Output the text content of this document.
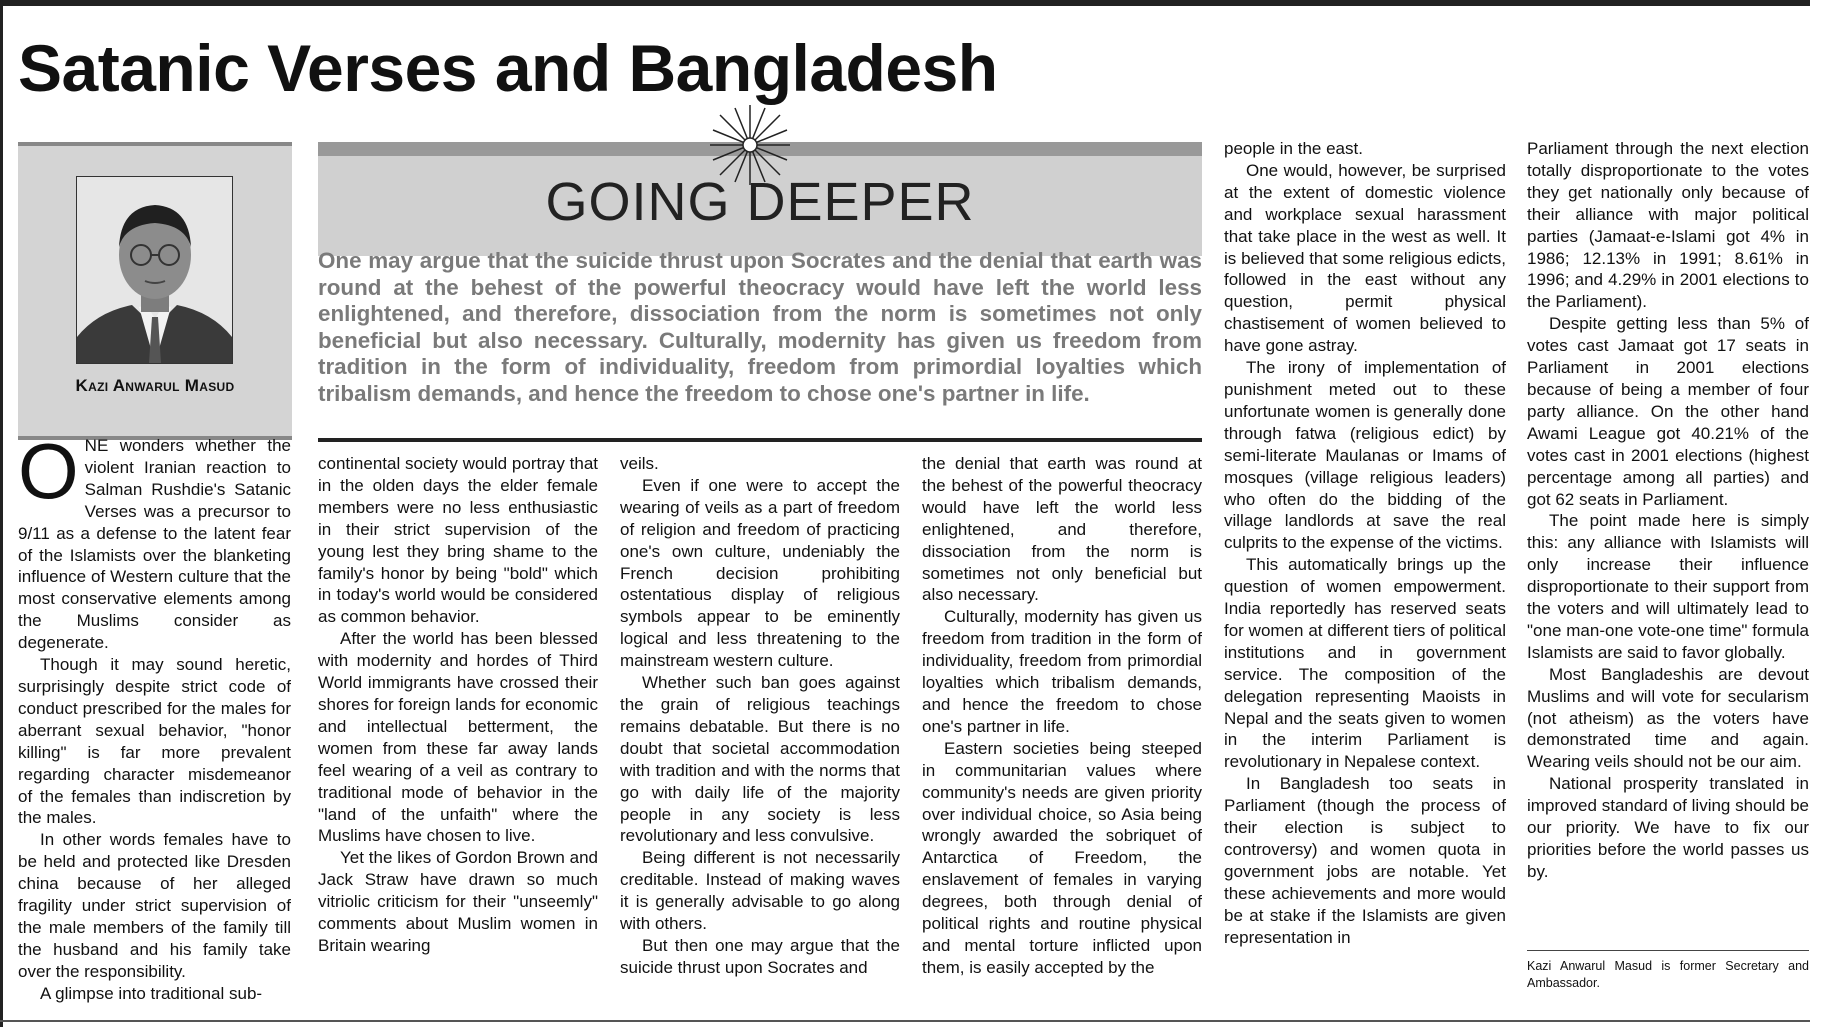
Satanic Verses and Bangladesh
Kazi Anwarul Masud
GOING DEEPER

One may argue that the suicide thrust upon Socrates and the denial that earth was round at the behest of the powerful theocracy would have left the world less enlightened, and therefore, dissociation from the norm is sometimes not only beneficial but also necessary. Culturally, modernity has given us freedom from tradition in the form of individuality, freedom from primordial loyalties which tribalism demands, and hence the freedom to chose one's partner in life.

ONE wonders whether the violent Iranian reaction to Salman Rushdie's Satanic Verses was a precursor to 9/11 as a defense to the latent fear of the Islamists over the blanketing influence of Western culture that the most conservative elements among the Muslims consider as degenerate.

Though it may sound heretic, surprisingly despite strict code of conduct prescribed for the males for aberrant sexual behavior, "honor killing" is far more prevalent regarding character misdemeanor of the females than indiscretion by the males.

In other words females have to be held and protected like Dresden china because of her alleged fragility under strict supervision of the male members of the family till the husband and his family take over the responsibility.

A glimpse into traditional sub-

continental society would portray that in the olden days the elder female members were no less enthusiastic in their strict supervision of the young lest they bring shame to the family's honor by being "bold" which in today's world would be considered as common behavior.

After the world has been blessed with modernity and hordes of Third World immigrants have crossed their shores for foreign lands for economic and intellectual betterment, the women from these far away lands feel wearing of a veil as contrary to traditional mode of behavior in the "land of the unfaith" where the Muslims have chosen to live.

Yet the likes of Gordon Brown and Jack Straw have drawn so much vitriolic criticism for their "unseemly" comments about Muslim women in Britain wearing

veils.

Even if one were to accept the wearing of veils as a part of freedom of religion and freedom of practicing one's own culture, undeniably the French decision prohibiting ostentatious display of religious symbols appear to be eminently logical and less threatening to the mainstream western culture.

Whether such ban goes against the grain of religious teachings remains debatable. But there is no doubt that societal accommodation with tradition and with the norms that go with daily life of the majority people in any society is less revolutionary and less convulsive.

Being different is not necessarily creditable. Instead of making waves it is generally advisable to go along with others.

But then one may argue that the suicide thrust upon Socrates and

the denial that earth was round at the behest of the powerful theocracy would have left the world less enlightened, and therefore, dissociation from the norm is sometimes not only beneficial but also necessary.

Culturally, modernity has given us freedom from tradition in the form of individuality, freedom from primordial loyalties which tribalism demands, and hence the freedom to chose one's partner in life.

Eastern societies being steeped in communitarian values where community's needs are given priority over individual choice, so Asia being wrongly awarded the sobriquet of Antarctica of Freedom, the enslavement of females in varying degrees, both through denial of political rights and routine physical and mental torture inflicted upon them, is easily accepted by the

people in the east.

One would, however, be surprised at the extent of domestic violence and workplace sexual harassment that take place in the west as well. It is believed that some religious edicts, followed in the east without any question, permit physical chastisement of women believed to have gone astray.

The irony of implementation of punishment meted out to these unfortunate women is generally done through fatwa (religious edict) by semi-literate Maulanas or Imams of mosques (village religious leaders) who often do the bidding of the village landlords at save the real culprits to the expense of the victims.

This automatically brings up the question of women empowerment. India reportedly has reserved seats for women at different tiers of political institutions and in government service. The composition of the delegation representing Maoists in Nepal and the seats given to women in the interim Parliament is revolutionary in Nepalese context.

In Bangladesh too seats in Parliament (though the process of their election is subject to controversy) and women quota in government jobs are notable. Yet these achievements and more would be at stake if the Islamists are given representation in

Parliament through the next election totally disproportionate to the votes they get nationally only because of their alliance with major political parties (Jamaat-e-Islami got 4% in 1986; 12.13% in 1991; 8.61% in 1996; and 4.29% in 2001 elections to the Parliament).

Despite getting less than 5% of votes cast Jamaat got 17 seats in Parliament in 2001 elections because of being a member of four party alliance. On the other hand Awami League got 40.21% of the votes cast in 2001 elections (highest percentage among all parties) and got 62 seats in Parliament.

The point made here is simply this: any alliance with Islamists will only increase their influence disproportionate to their support from the voters and will ultimately lead to "one man-one vote-one time" formula Islamists are said to favor globally.

Most Bangladeshis are devout Muslims and will vote for secularism (not atheism) as the voters have demonstrated time and again. Wearing veils should not be our aim.

National prosperity translated in improved standard of living should be our priority. We have to fix our priorities before the world passes us by.

Kazi Anwarul Masud is former Secretary and Ambassador.
